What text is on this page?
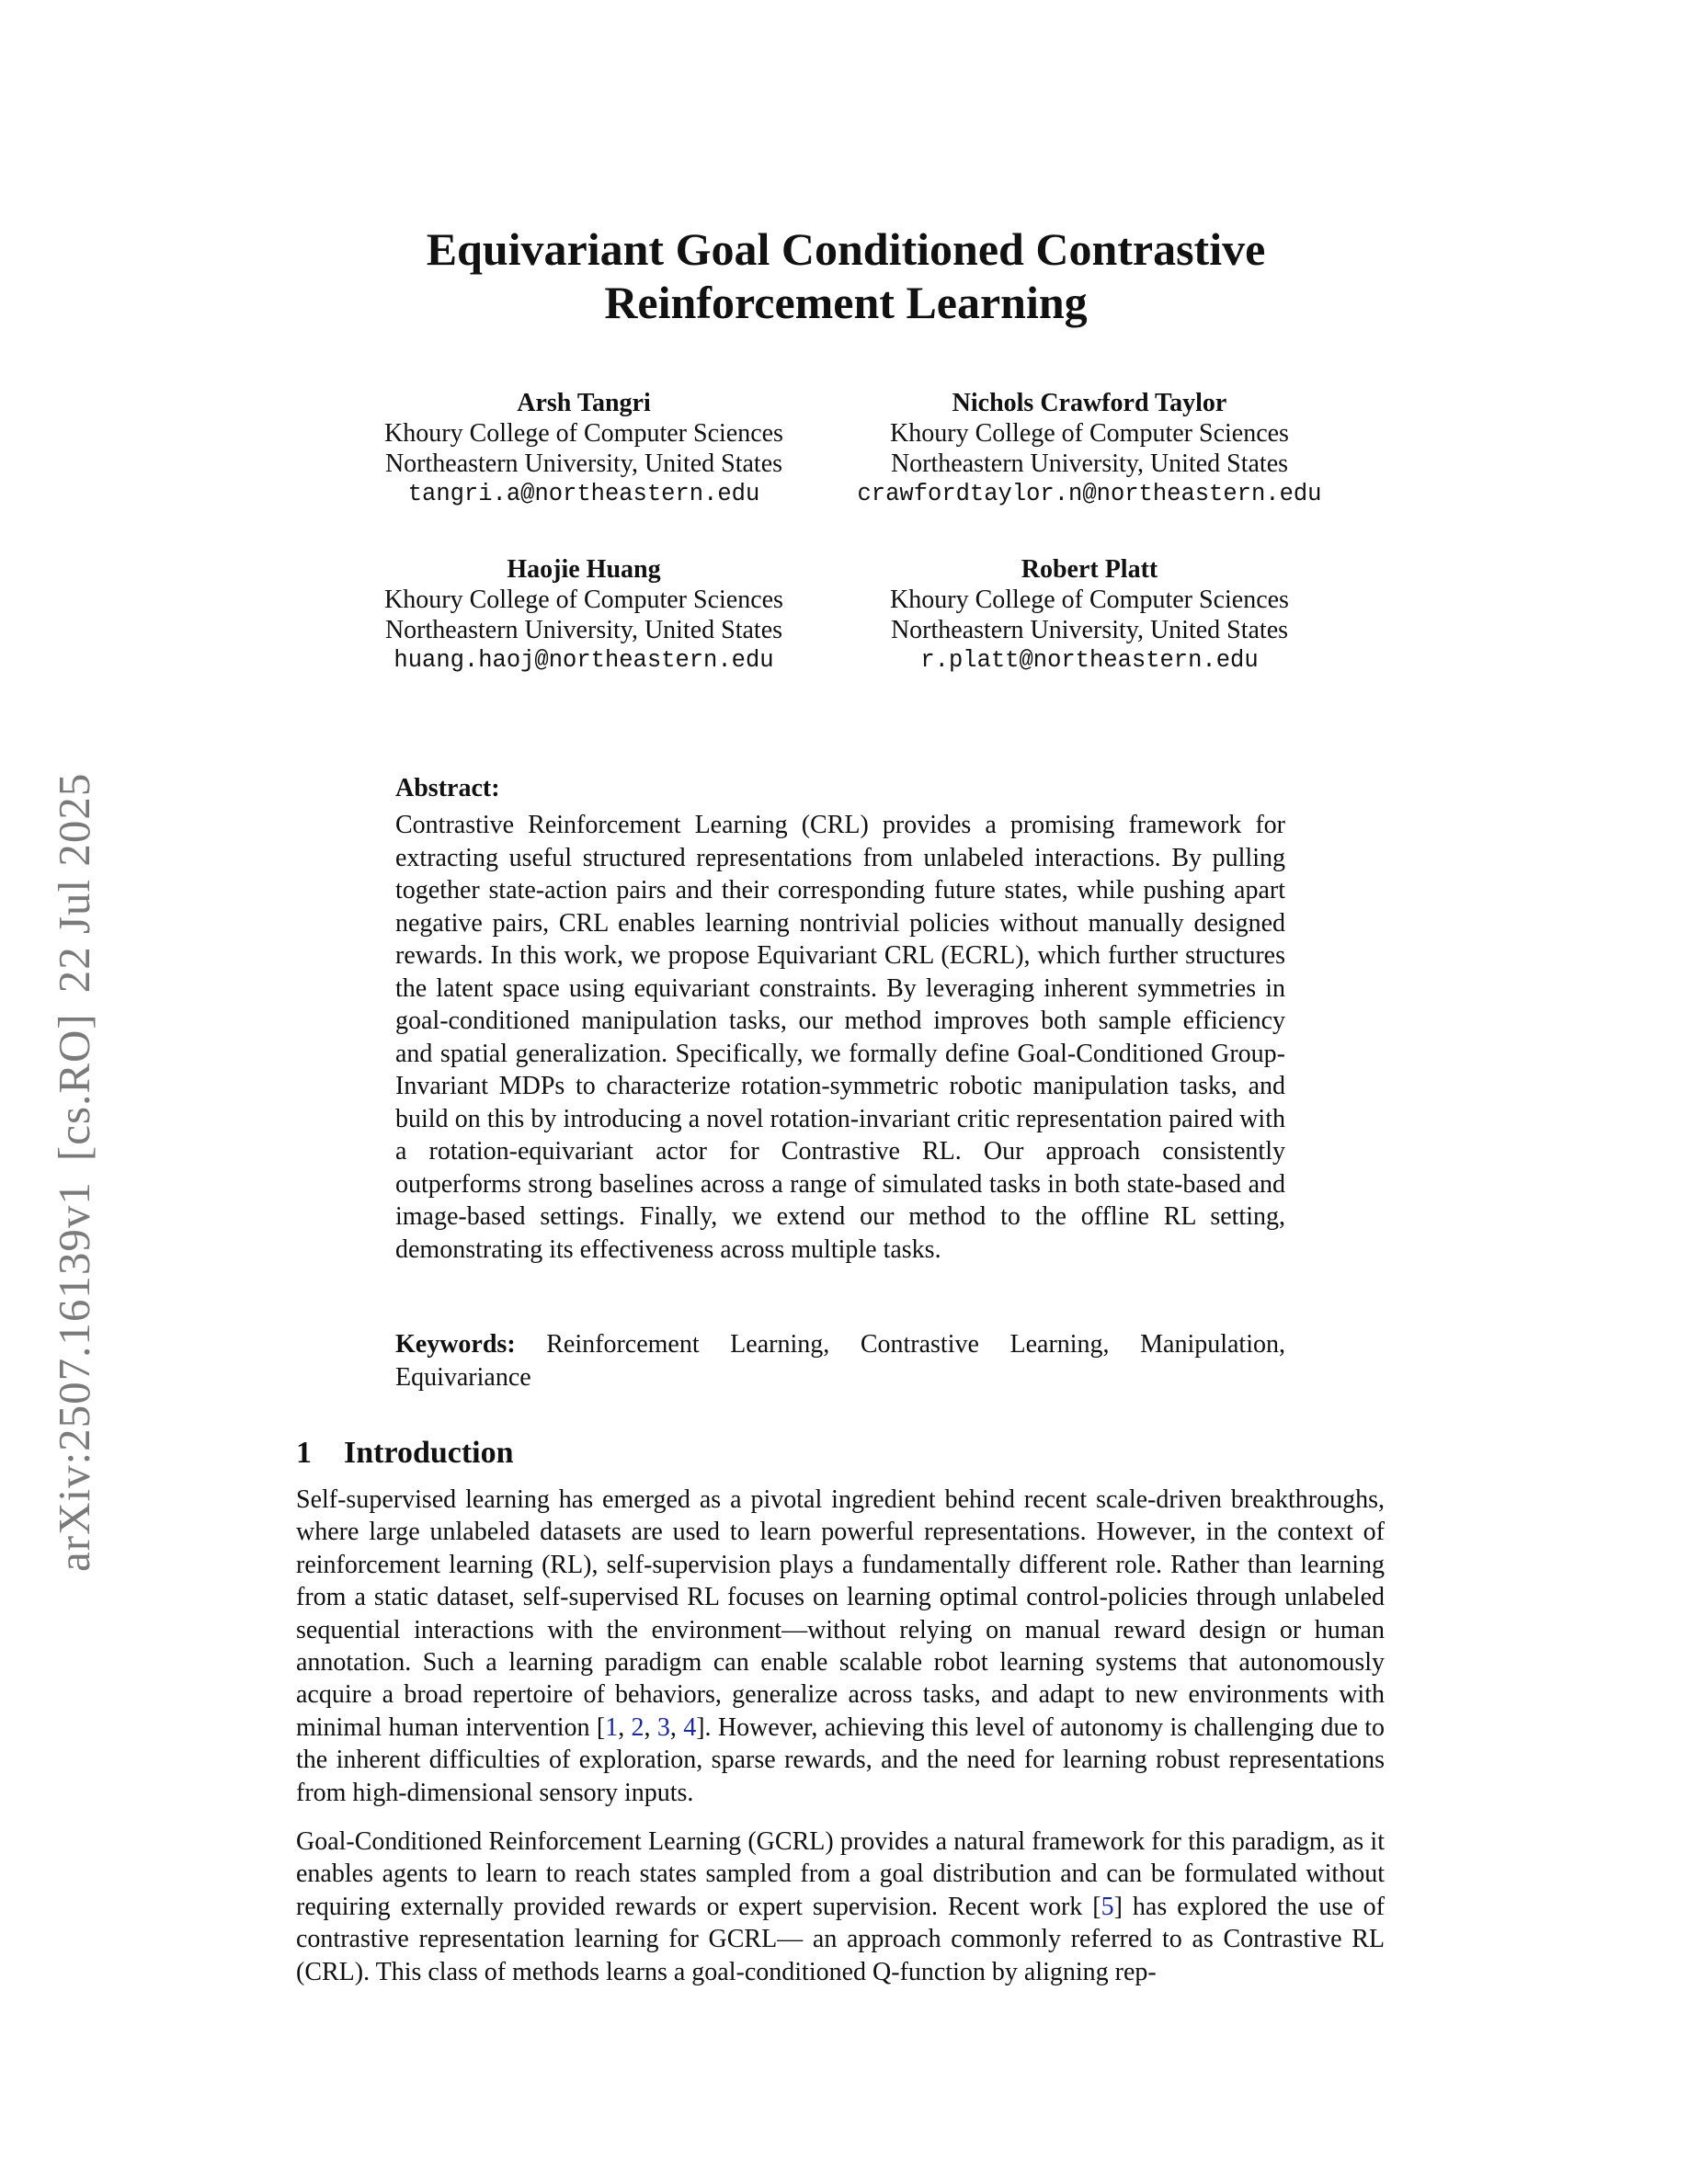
arXiv:2507.16139v1[cs.RO]22 Jul 2025
Equivariant Goal Conditioned Contrastive
Reinforcement Learning
Arsh Tangri
Khoury College of Computer Sciences
Northeastern University, United States
tangri.a@northeastern.edu
Nichols Crawford Taylor
Khoury College of Computer Sciences
Northeastern University, United States
crawfordtaylor.n@northeastern.edu
Haojie Huang
Khoury College of Computer Sciences
Northeastern University, United States
huang.haoj@northeastern.edu
Robert Platt
Khoury College of Computer Sciences
Northeastern University, United States
r.platt@northeastern.edu
Abstract:
Contrastive Reinforcement Learning (CRL) provides a promising framework for extracting useful structured representations from unlabeled interactions. By pulling together state-action pairs and their corresponding future states, while pushing apart negative pairs, CRL enables learning nontrivial policies without manually designed rewards. In this work, we propose Equivariant CRL (ECRL), which further structures the latent space using equivariant constraints. By leveraging inherent symmetries in goal-conditioned manipulation tasks, our method improves both sample efficiency and spatial generalization. Specifically, we formally define Goal-Conditioned Group-Invariant MDPs to characterize rotation-symmetric robotic manipulation tasks, and build on this by introducing a novel rotation-invariant critic representation paired with a rotation-equivariant actor for Contrastive RL. Our approach consistently outperforms strong baselines across a range of simulated tasks in both state-based and image-based settings. Finally, we extend our method to the offline RL setting, demonstrating its effectiveness across multiple tasks.
Keywords: Reinforcement Learning, Contrastive Learning, Manipulation, Equivariance
1 Introduction
Self-supervised learning has emerged as a pivotal ingredient behind recent scale-driven breakthroughs, where large unlabeled datasets are used to learn powerful representations. However, in the context of reinforcement learning (RL), self-supervision plays a fundamentally different role. Rather than learning from a static dataset, self-supervised RL focuses on learning optimal control-policies through unlabeled sequential interactions with the environment—without relying on manual reward design or human annotation. Such a learning paradigm can enable scalable robot learning systems that autonomously acquire a broad repertoire of behaviors, generalize across tasks, and adapt to new environments with minimal human intervention [1, 2, 3, 4]. However, achieving this level of autonomy is challenging due to the inherent difficulties of exploration, sparse rewards, and the need for learning robust representations from high-dimensional sensory inputs.
Goal-Conditioned Reinforcement Learning (GCRL) provides a natural framework for this paradigm, as it enables agents to learn to reach states sampled from a goal distribution and can be formulated without requiring externally provided rewards or expert supervision. Recent work [5] has explored the use of contrastive representation learning for GCRL— an approach commonly referred to as Contrastive RL (CRL). This class of methods learns a goal-conditioned Q-function by aligning rep-
